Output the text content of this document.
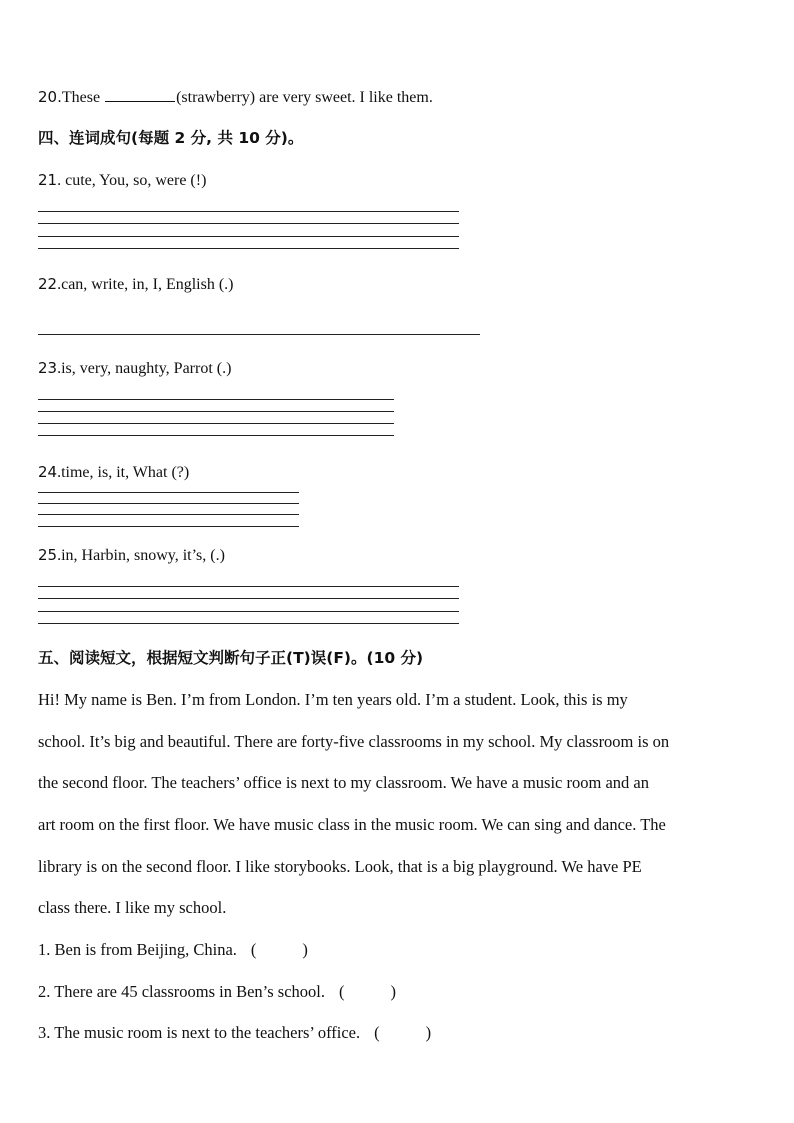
20.These	(strawberry) are very sweet. I like them.
四、连词成句(每题 2 分, 共 10 分)。
21. cute, You, so, were (!)
22.can, write, in, I, English (.)
23.is, very, naughty, Parrot (.)
24.time, is, it, What (?)
25.in, Harbin, snowy, it’s, (.)
五、阅读短文，根据短文判断句子正(T)误(F)。(10 分)
Hi! My name is Ben. I’m from London. I’m ten years old. I’m a student. Look, this is my
school. It’s big and beautiful. There are forty-five classrooms in my school. My classroom is on
the second floor. The teachers’ office is next to my classroom. We have a music room and an
art room on the first floor. We have music class in the music room. We can sing and dance. The
library is on the second floor. I like storybooks. Look, that is a big playground. We have PE
class there. I like my school.
1. Ben is from Beijing, China. (	)
2. There are 45 classrooms in Ben’s school. (	)
3. The music room is next to the teachers’ office. (	)
